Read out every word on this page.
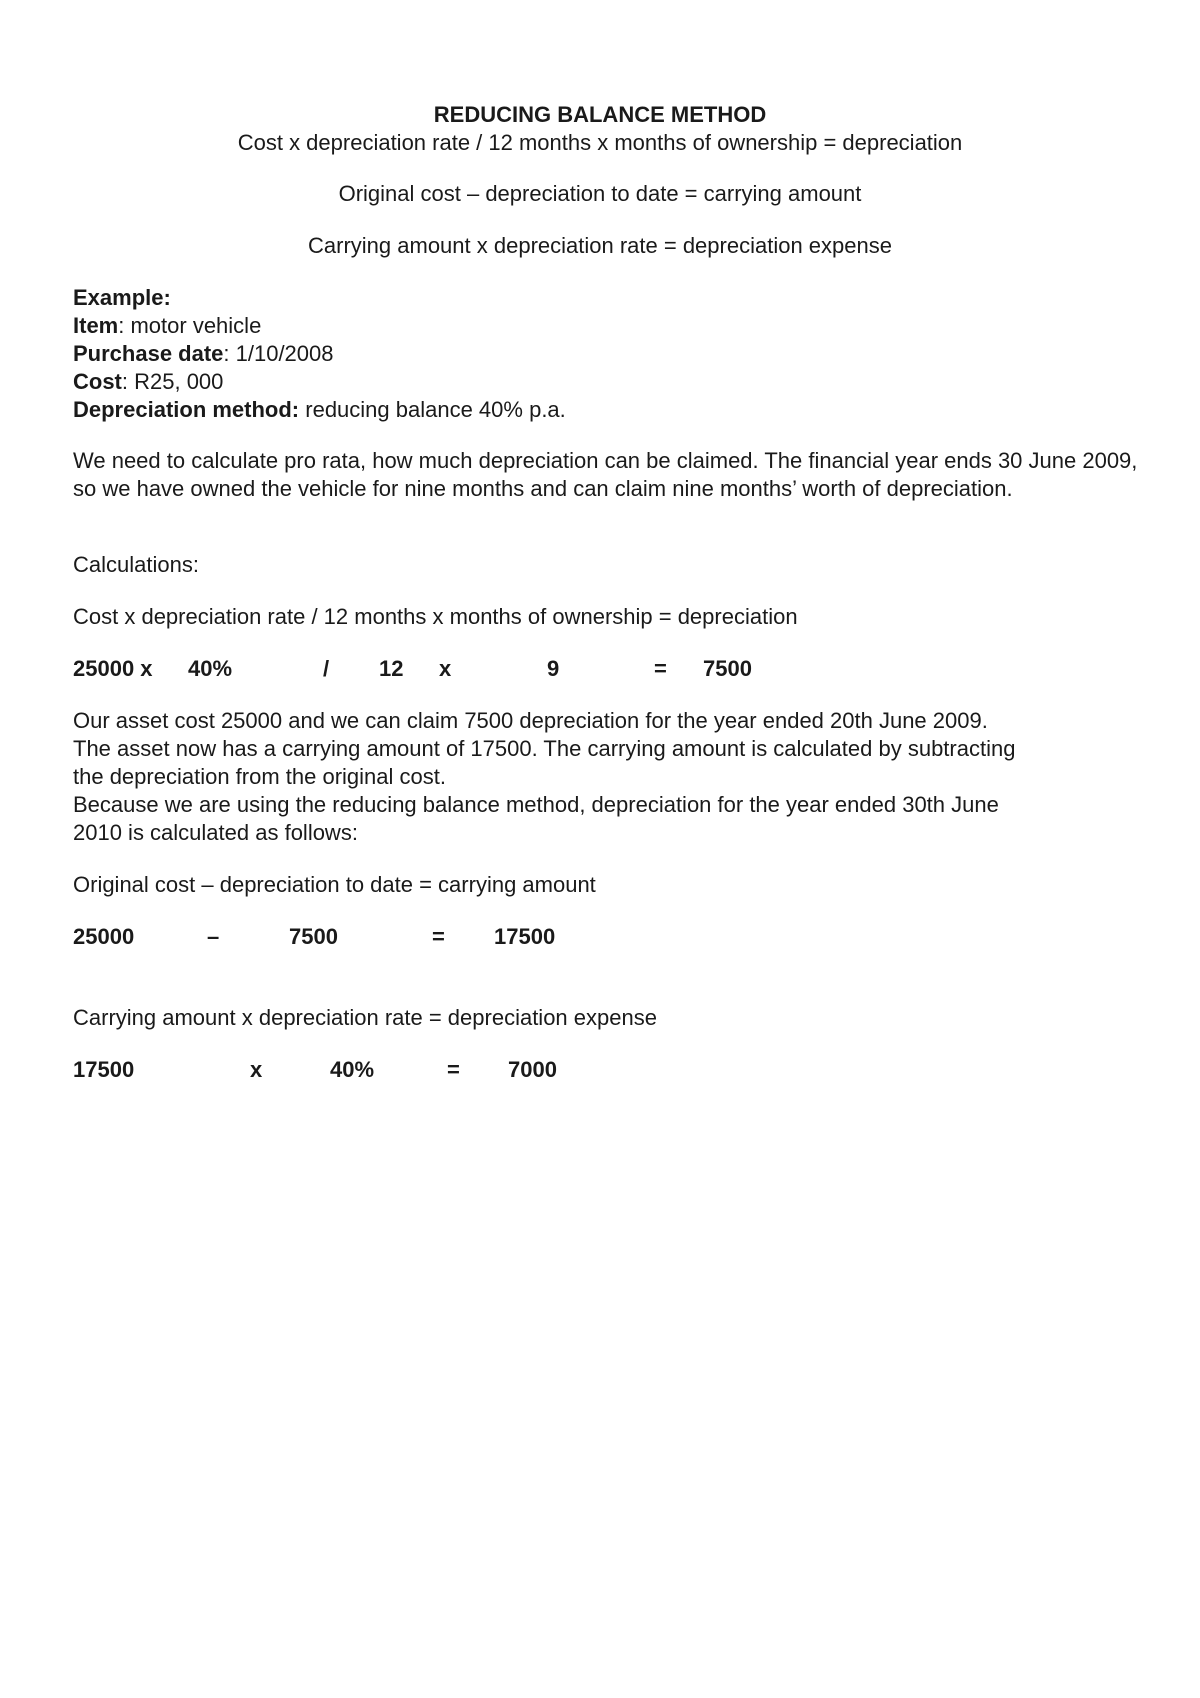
REDUCING BALANCE METHOD
Cost x depreciation rate / 12 months x months of ownership = depreciation
Original cost – depreciation to date = carrying amount
Carrying amount x depreciation rate = depreciation expense
Example:
Item: motor vehicle
Purchase date: 1/10/2008
Cost: R25, 000
Depreciation method: reducing balance 40% p.a.

We need to calculate pro rata, how much depreciation can be claimed. The financial year ends 30 June 2009, so we have owned the vehicle for nine months and can claim nine months’ worth of depreciation.

Calculations:
Cost x depreciation rate / 12 months x months of ownership = depreciation
25000 x 40%	/ 12 x	9	= 7500
Our asset cost 25000 and we can claim 7500 depreciation for the year ended 20th June 2009.
The asset now has a carrying amount of 17500. The carrying amount is calculated by subtracting
the depreciation from the original cost.
Because we are using the reducing balance method, depreciation for the year ended 30th June
2010 is calculated as follows:
Original cost – depreciation to date = carrying amount
25000	–	7500	= 17500
Carrying amount x depreciation rate = depreciation expense
17500	x	40%	= 7000
